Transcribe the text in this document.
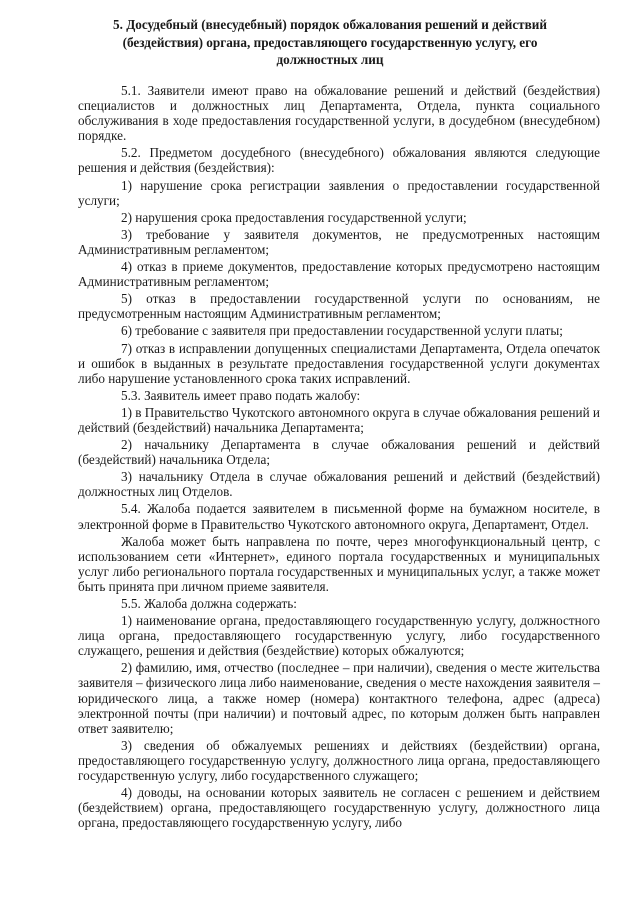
5. Досудебный (внесудебный) порядок обжалования решений и действий
(бездействия) органа, предоставляющего государственную услугу, его
должностных лиц

5.1. Заявители имеют право на обжалование решений и действий (бездействия) специалистов и должностных лиц Департамента, Отдела, пункта социального обслуживания в ходе предоставления государственной услуги, в досудебном (внесудебном) порядке.

5.2. Предметом досудебного (внесудебного) обжалования являются следующие решения и действия (бездействия):

1) нарушение срока регистрации заявления о предоставлении государственной услуги;

2) нарушения срока предоставления государственной услуги;

3) требование у заявителя документов, не предусмотренных настоящим Административным регламентом;

4) отказ в приеме документов, предоставление которых предусмотрено настоящим Административным регламентом;

5) отказ в предоставлении государственной услуги по основаниям, не предусмотренным настоящим Административным регламентом;

6) требование с заявителя при предоставлении государственной услуги платы;

7) отказ в исправлении допущенных специалистами Департамента, Отдела опечаток и ошибок в выданных в результате предоставления государственной услуги документах либо нарушение установленного срока таких исправлений.

5.3. Заявитель имеет право подать жалобу:

1) в Правительство Чукотского автономного округа в случае обжалования решений и действий (бездействий) начальника Департамента;

2) начальнику Департамента в случае обжалования решений и действий (бездействий) начальника Отдела;

3) начальнику Отдела в случае обжалования решений и действий (бездействий) должностных лиц Отделов.

5.4. Жалоба подается заявителем в письменной форме на бумажном носителе, в электронной форме в Правительство Чукотского автономного округа, Департамент, Отдел.

Жалоба может быть направлена по почте, через многофункциональный центр, с использованием сети «Интернет», единого портала государственных и муниципальных услуг либо регионального портала государственных и муниципальных услуг, а также может быть принята при личном приеме заявителя.

5.5. Жалоба должна содержать:

1) наименование органа, предоставляющего государственную услугу, должностного лица органа, предоставляющего государственную услугу, либо государственного служащего, решения и действия (бездействие) которых обжалуются;

2) фамилию, имя, отчество (последнее – при наличии), сведения о месте жительства заявителя – физического лица либо наименование, сведения о месте нахождения заявителя – юридического лица, а также номер (номера) контактного телефона, адрес (адреса) электронной почты (при наличии) и почтовый адрес, по которым должен быть направлен ответ заявителю;

3) сведения об обжалуемых решениях и действиях (бездействии) органа, предоставляющего государственную услугу, должностного лица органа, предоставляющего государственную услугу, либо государственного служащего;

4) доводы, на основании которых заявитель не согласен с решением и действием (бездействием) органа, предоставляющего государственную услугу, должностного лица органа, предоставляющего государственную услугу, либо
